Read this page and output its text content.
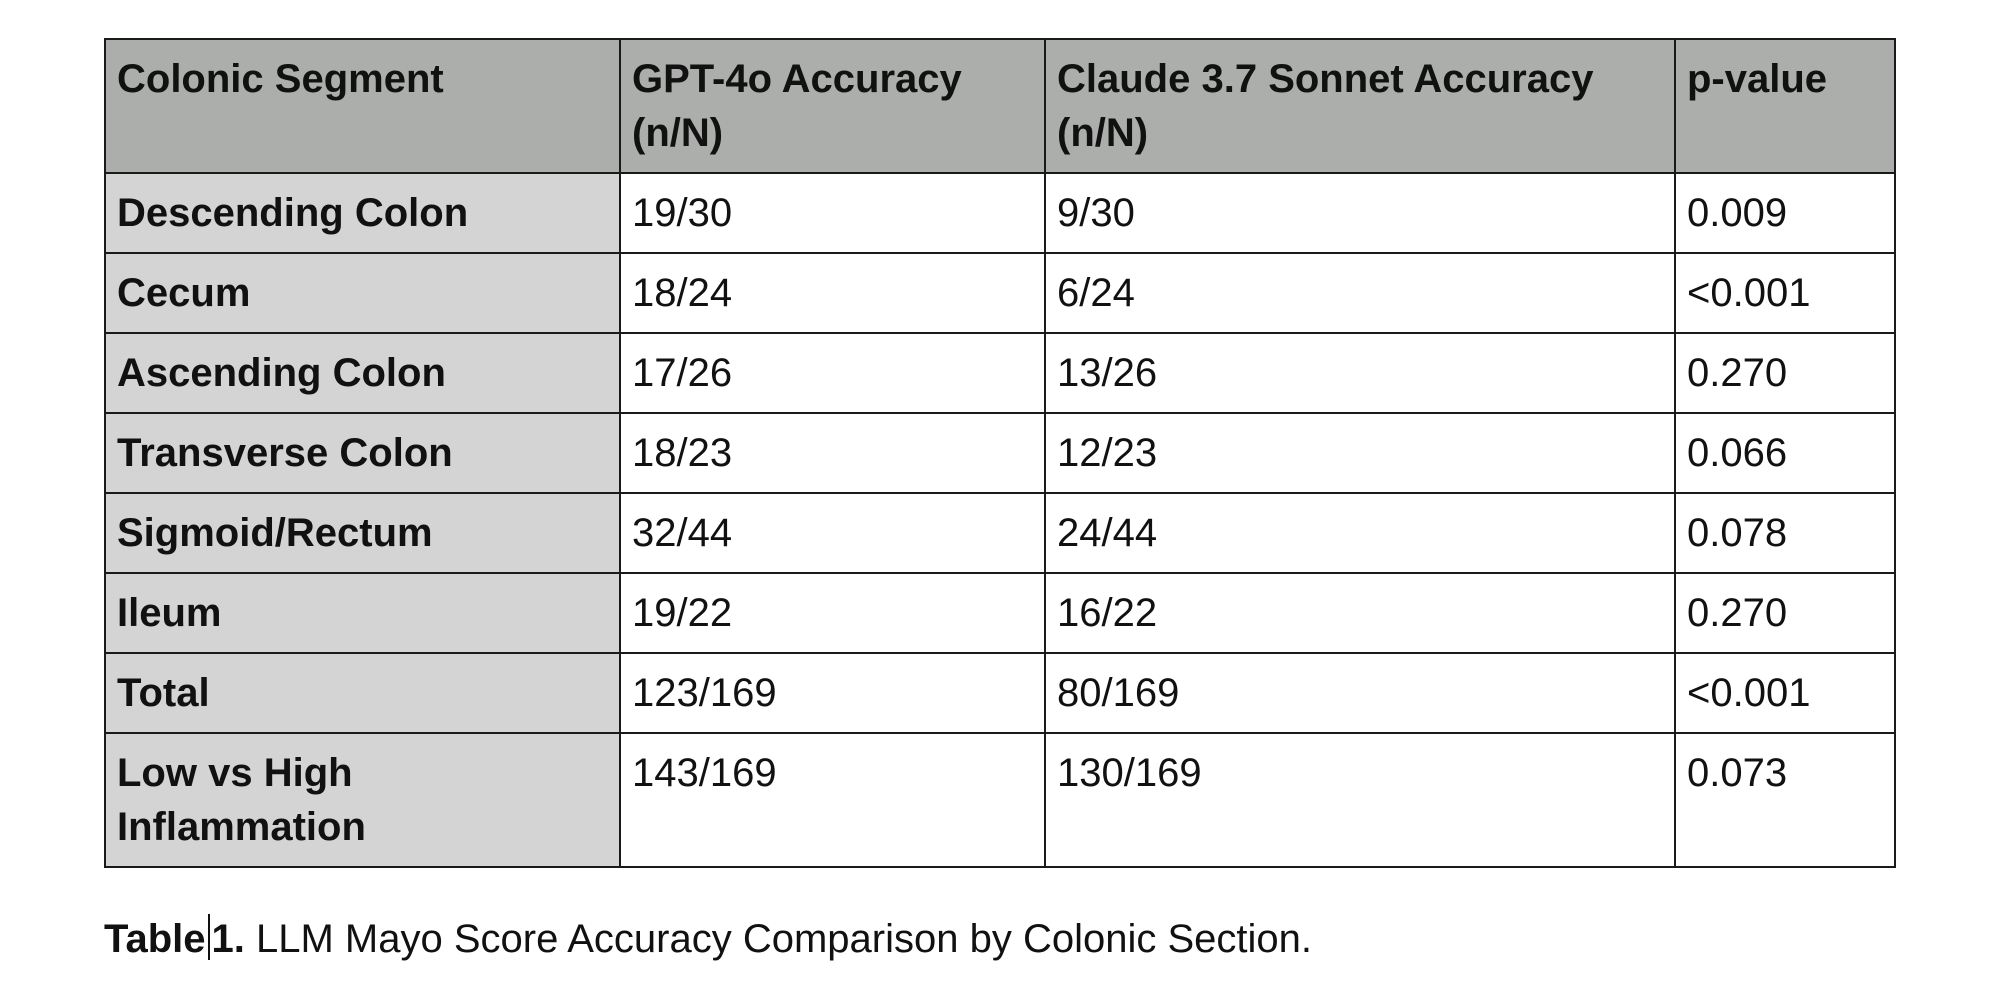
Colonic Segment	GPT-4o Accuracy (n/N)	Claude 3.7 Sonnet Accuracy (n/N)	p-value
Descending Colon	19/30	9/30	0.009
Cecum	18/24	6/24	<0.001
Ascending Colon	17/26	13/26	0.270
Transverse Colon	18/23	12/23	0.066
Sigmoid/Rectum	32/44	24/44	0.078
Ileum	19/22	16/22	0.270
Total	123/169	80/169	<0.001
Low vs High Inflammation	143/169	130/169	0.073
Table 1. LLM Mayo Score Accuracy Comparison by Colonic Section.
